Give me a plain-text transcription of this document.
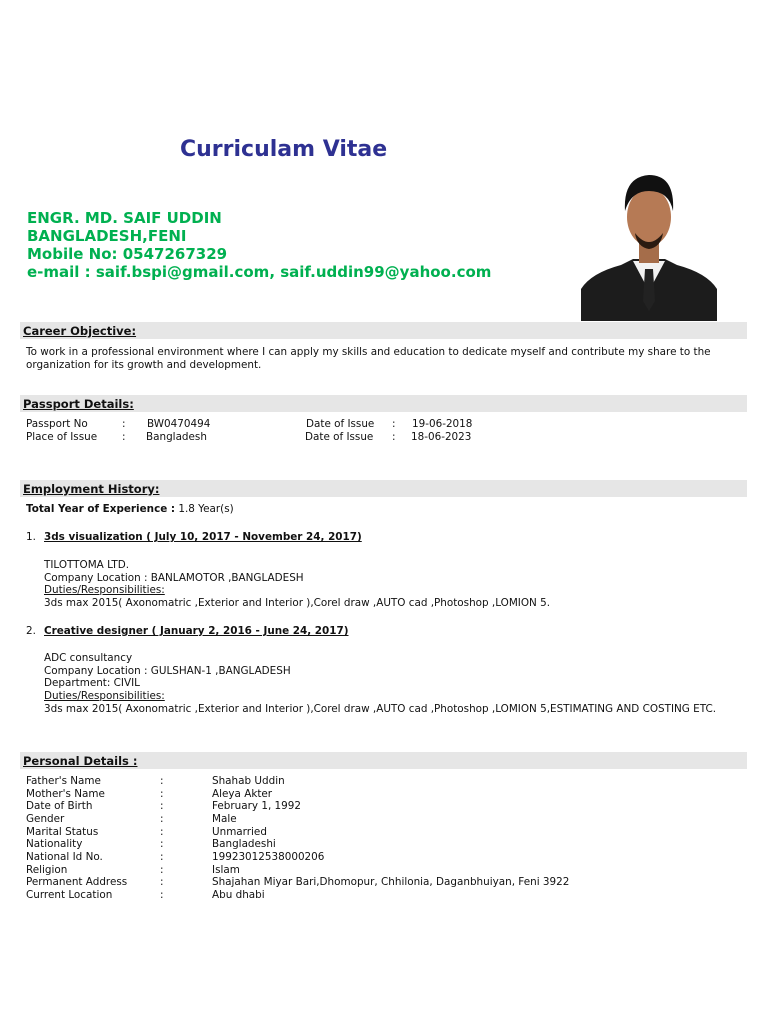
Curriculam Vitae
ENGR. MD. SAIF UDDIN
BANGLADESH,FENI
Mobile No: 0547267329
e-mail : saif.bspi@gmail.com, saif.uddin99@yahoo.com
Career Objective:
To work in a professional environment where I can apply my skills and education to dedicate myself and contribute my share to the organization for its growth and development.
Passport Details:
Passport No	: BW0470494	Date of Issue : 19-06-2018
Place of Issue : Bangladesh	Date of Issue : 18-06-2023
Employment History:
Total Year of Experience : 1.8 Year(s)
1. 3ds visualization ( July 10, 2017 - November 24, 2017)
TILOTTOMA LTD.
Company Location : BANLAMOTOR ,BANGLADESH
Duties/Responsibilities:
3ds max 2015( Axonomatric ,Exterior and Interior ),Corel draw ,AUTO cad ,Photoshop ,LOMION 5.
2. Creative designer ( January 2, 2016 - June 24, 2017)
ADC consultancy
Company Location : GULSHAN-1 ,BANGLADESH
Department: CIVIL
Duties/Responsibilities:
3ds max 2015( Axonomatric ,Exterior and Interior ),Corel draw ,AUTO cad ,Photoshop ,LOMION 5,ESTIMATING AND COSTING ETC.
Personal Details :
Father's Name	:	Shahab Uddin
Mother's Name	:	Aleya Akter
Date of Birth	:	February 1, 1992
Gender	:	Male
Marital Status	:	Unmarried
Nationality	:	Bangladeshi
National Id No.	:	19923012538000206
Religion	:	Islam
Permanent Address	:	Shajahan Miyar Bari,Dhomopur, Chhilonia, Daganbhuiyan, Feni 3922
Current Location	:	Abu dhabi
